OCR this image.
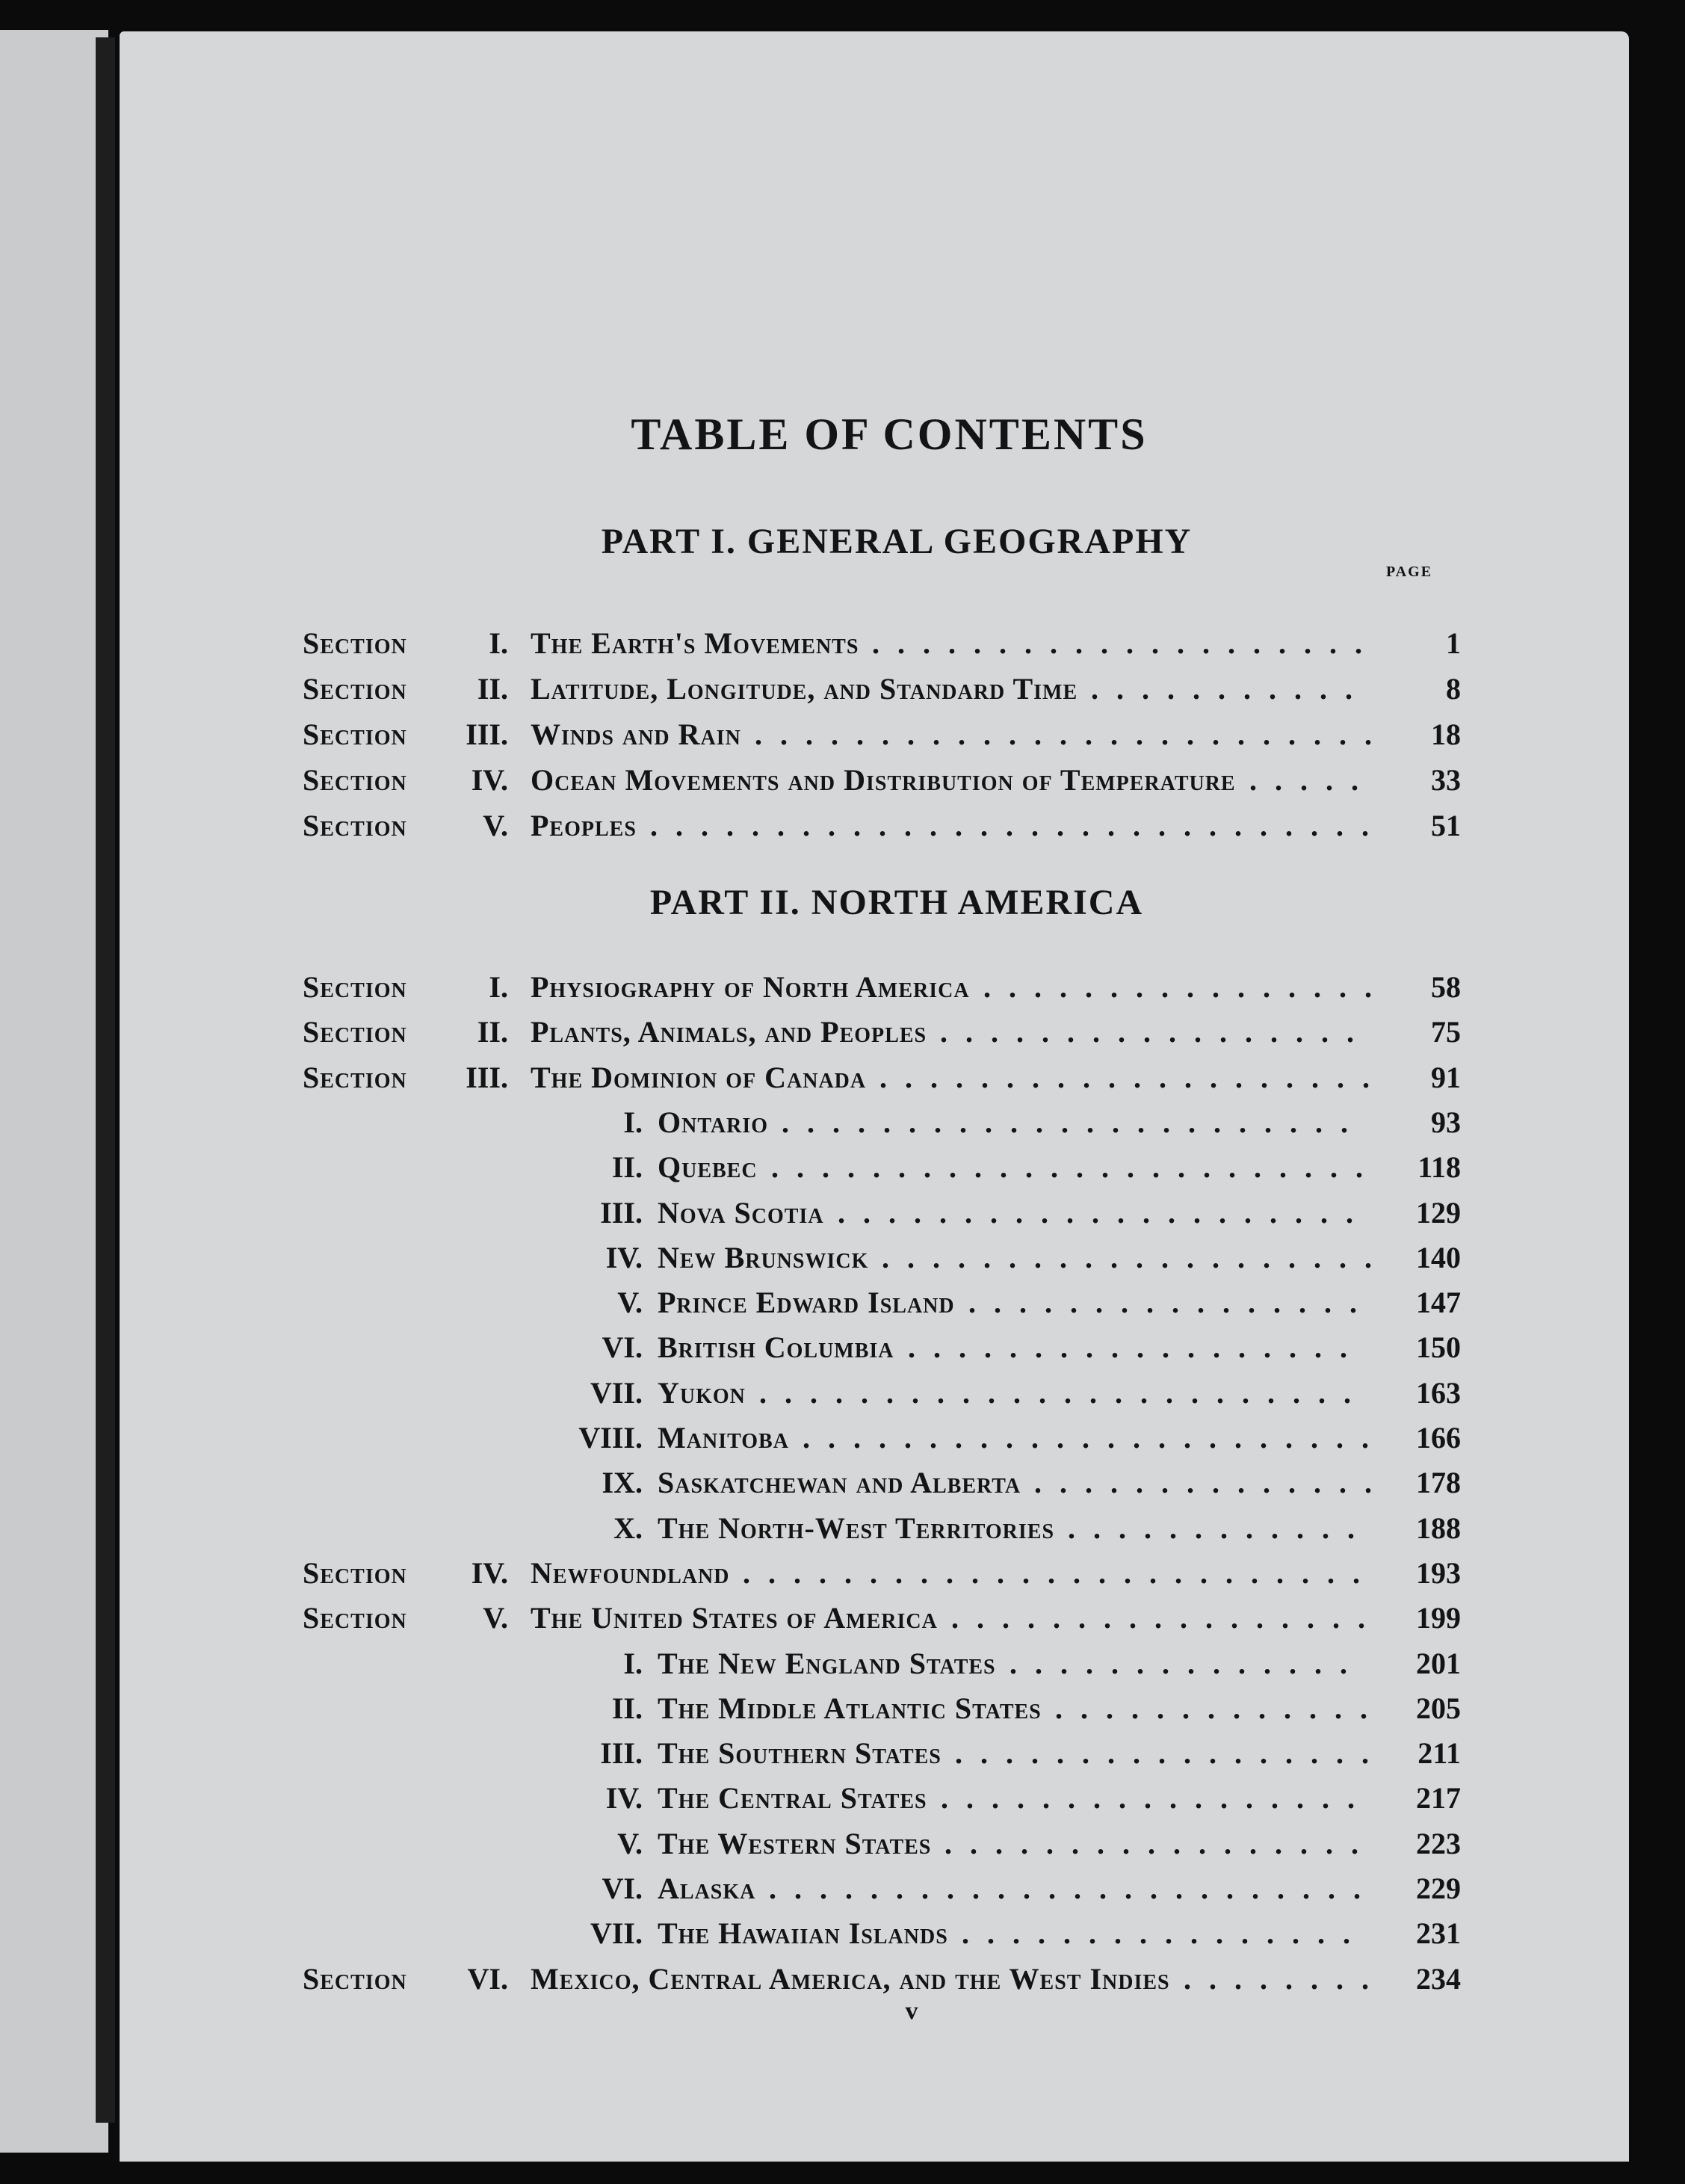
TABLE OF CONTENTS
PART I. GENERAL GEOGRAPHY
PAGE
Section	I. The Earth's Movements	1
....................
Section	II. Latitude, Longitude, and Standard Time	8
...........
Section	III. Winds and Rain	18
.........................
Section	IV. Ocean Movements and Distribution of Temperature	33
.....
Section	V. Peoples	51
.............................
PART II. NORTH AMERICA
Section	I. Physiography of North America	58
................
Section	II. Plants, Animals, and Peoples	75
.................
Section	III. The Dominion of Canada	91
....................
I. Ontario	93
.......................
II. Quebec	118
........................
III. Nova Scotia	129
.....................
IV. New Brunswick	140
....................
V. Prince Edward Island	147
................
VI. British Columbia	150
..................
VII. Yukon	163
........................
VIII. Manitoba	166
.......................
IX. Saskatchewan and Alberta	178
..............
X. The North-West Territories	188
............
Section	IV. Newfoundland	193
.........................
Section	V. The United States of America	199
.................
I. The New England States	201
..............
II. The Middle Atlantic States	205
.............
III. The Southern States	211
.................
IV. The Central States	217
.................
V. The Western States	223
.................
VI. Alaska	229
........................
VII. The Hawaiian Islands	231
................
Section	VI. Mexico, Central America, and the West Indies	234
........
v
